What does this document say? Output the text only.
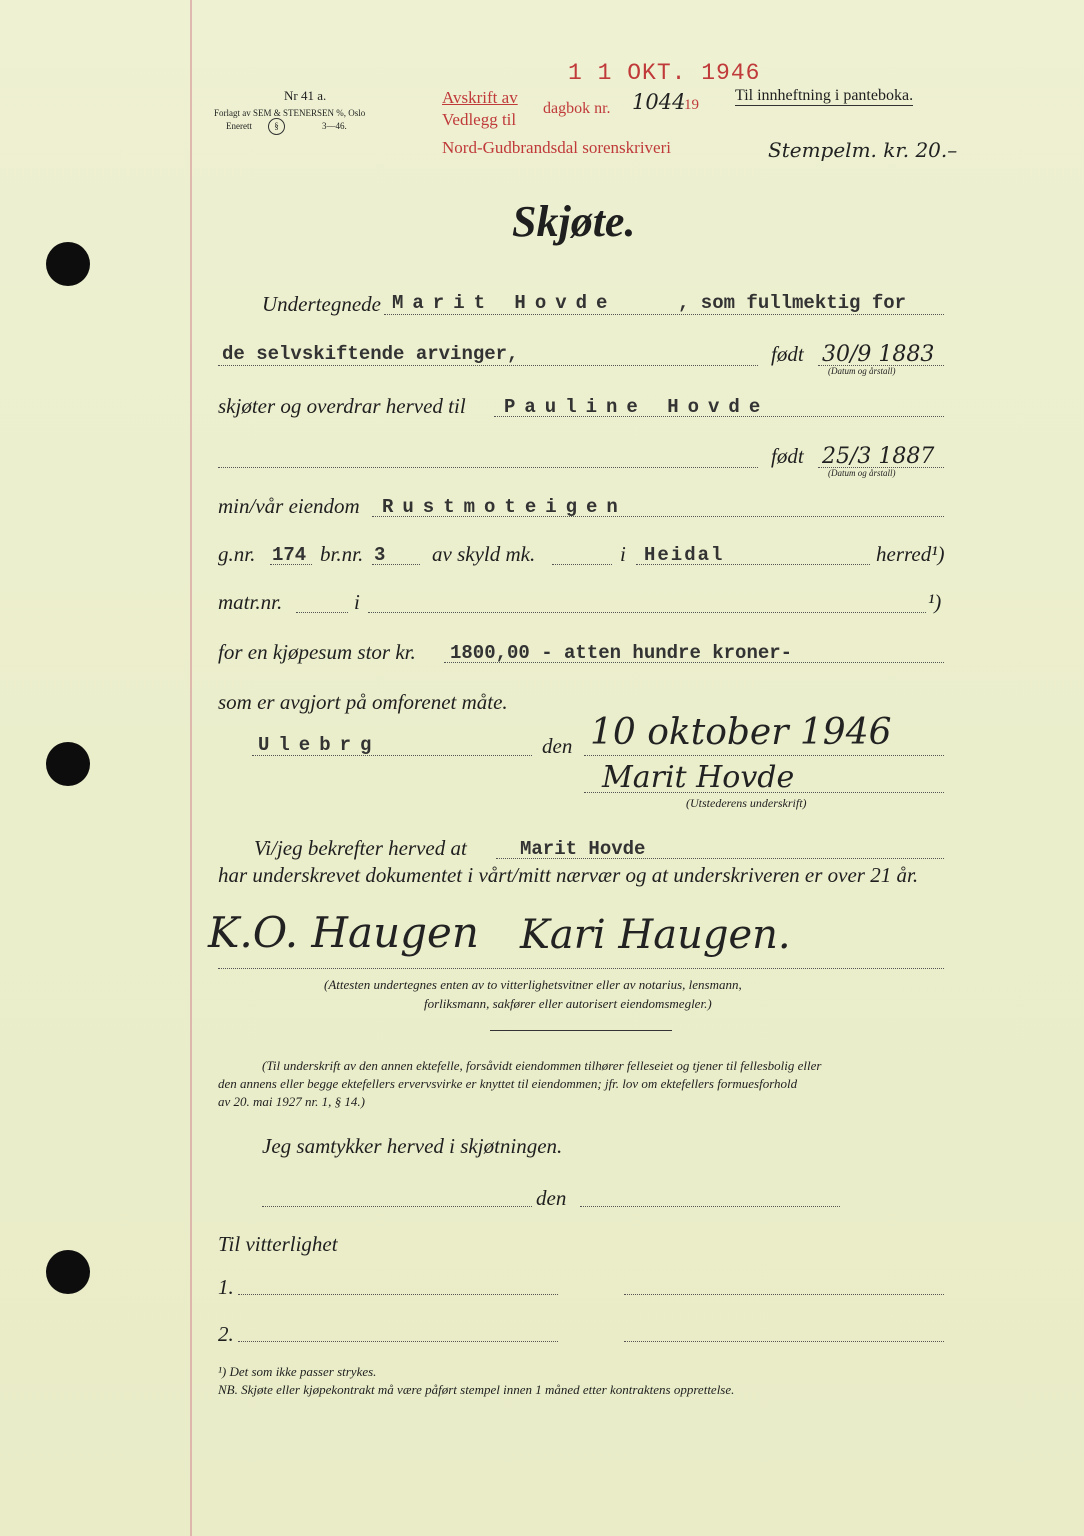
Nr 41 a.
Forlagt av SEM & STENERSEN %, Oslo
Enerett	§	3—46.
1 1 OKT. 1946
Avskrift av
Vedlegg til
dagbok nr. 1044
19
Nord-Gudbrandsdal sorenskriveri
Til innheftning i panteboka.
Stempelm. kr. 20.–
Skjøte.
Undertegnede Marit Hovde	, som fullmektig for
de selvskiftende arvinger,	født 30/9 1883
(Datum og årstall)
skjøter og overdrar herved til Pauline Hovde
født 25/3 1887
(Datum og årstall)
min/vår eiendom Rustmoteigen
g.nr. 174 br.nr. 3 av skyld mk.	i Heidal	herred¹)
matr.nr.	i	¹)
for en kjøpesum stor kr. 1800,00 - atten hundre kroner-
som er avgjort på omforenet måte.
Ulebrg	den 10 oktober 1946
Marit Hovde
(Utstederens underskrift)
Vi/jeg bekrefter herved at	Marit Hovde
har underskrevet dokumentet i vårt/mitt nærvær og at underskriveren er over 21 år.
K.O. Haugen Kari Haugen.
(Attesten undertegnes enten av to vitterlighetsvitner eller av notarius, lensmann,
forliksmann, sakfører eller autorisert eiendomsmegler.)
(Til underskrift av den annen ektefelle, forsåvidt eiendommen tilhører felleseiet og tjener til fellesbolig eller
den annens eller begge ektefellers ervervsvirke er knyttet til eiendommen; jfr. lov om ektefellers formuesforhold
av 20. mai 1927 nr. 1, § 14.)
Jeg samtykker herved i skjøtningen.
den
Til vitterlighet
1.
2.
¹) Det som ikke passer strykes.
NB. Skjøte eller kjøpekontrakt må være påført stempel innen 1 måned etter kontraktens opprettelse.
